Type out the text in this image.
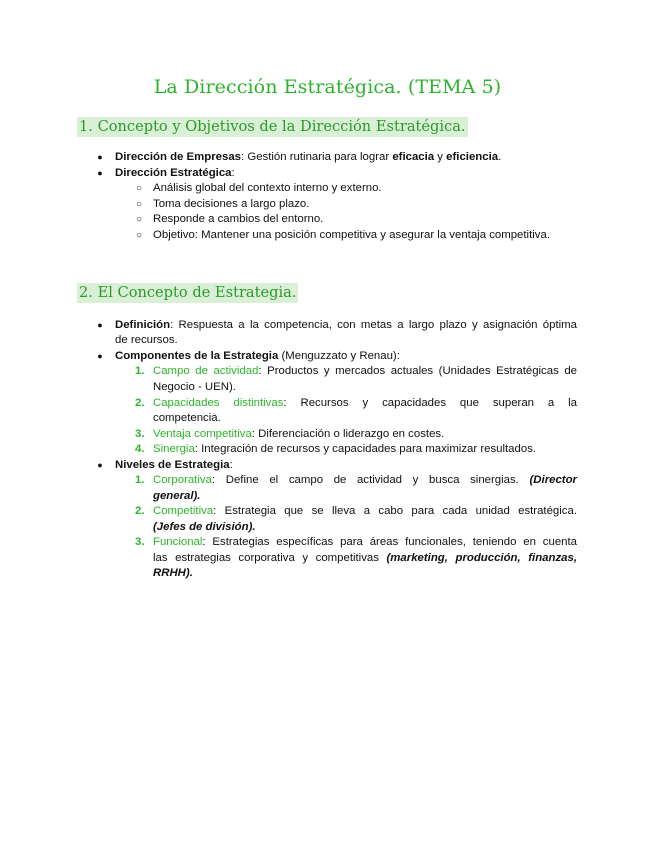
La Dirección Estratégica. (TEMA 5)
1. Concepto y Objetivos de la Dirección Estratégica.
● Dirección de Empresas: Gestión rutinaria para lograr eficacia y eficiencia.
● Dirección Estratégica:
○ Análisis global del contexto interno y externo.
○ Toma decisiones a largo plazo.
○ Responde a cambios del entorno.
○ Objetivo: Mantener una posición competitiva y asegurar la ventaja competitiva.
2. El Concepto de Estrategia.
● Definición: Respuesta a la competencia, con metas a largo plazo y asignación óptima
de recursos.
● Componentes de la Estrategia (Menguzzato y Renau):
1. Campo de actividad: Productos y mercados actuales (Unidades Estratégicas de
Negocio - UEN).
2. Capacidades distintivas: Recursos y capacidades que superan a la
competencia.
3. Ventaja competitiva: Diferenciación o liderazgo en costes.
4. Sinergia: Integración de recursos y capacidades para maximizar resultados.
● Niveles de Estrategia:
1. Corporativa: Define el campo de actividad y busca sinergias. (Director
general).
2. Competitiva: Estrategia que se lleva a cabo para cada unidad estratégica.
(Jefes de división).
3. Funcional: Estrategias específicas para áreas funcionales, teniendo en cuenta
las estrategias corporativa y competitivas (marketing, producción, finanzas,
RRHH).
